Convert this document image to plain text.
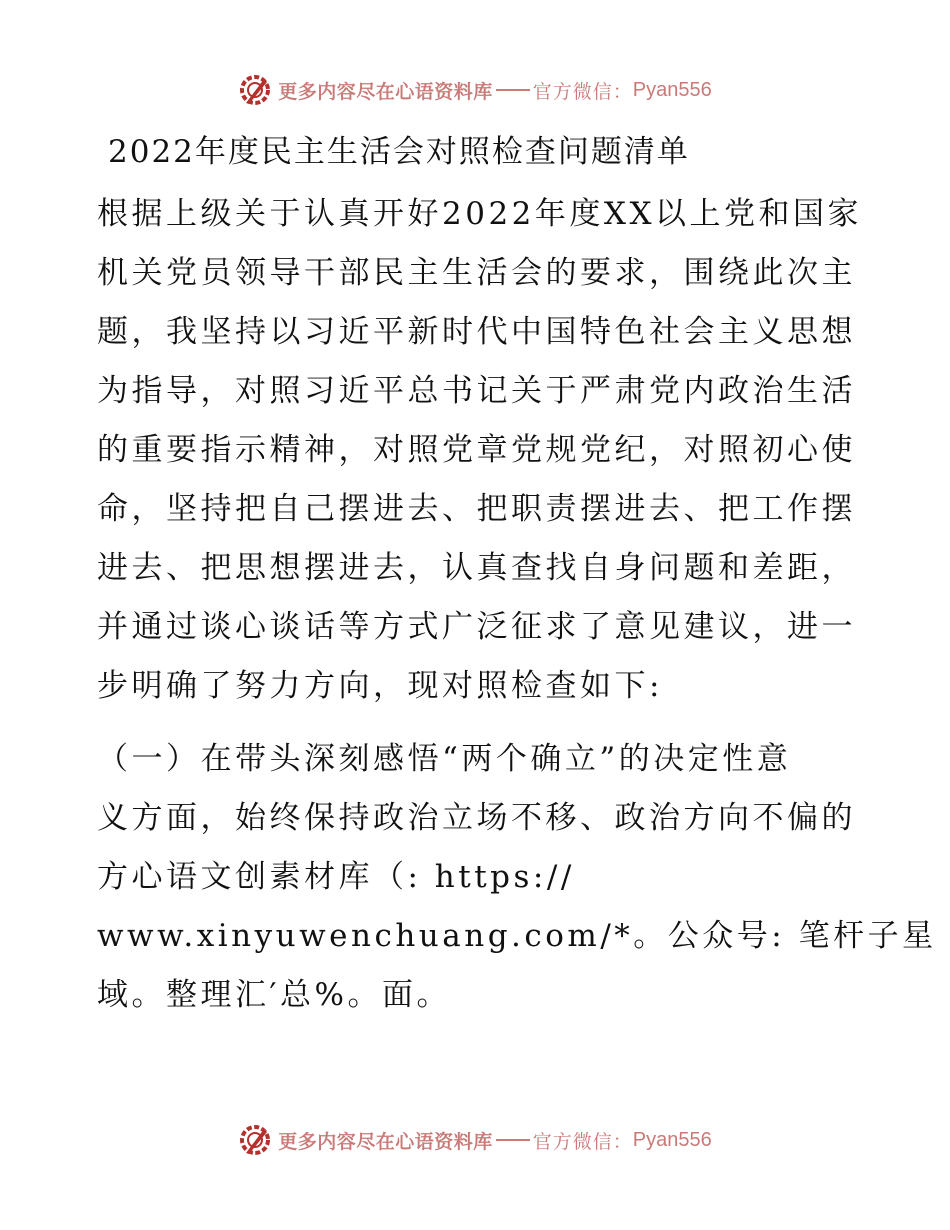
更多内容尽在心语资料库 官方微信： Pyan556
2022年度民主生活会对照检查问题清单
根据上级关于认真开好2022年度XX以上党和国家
机关党员领导干部民主生活会的要求，围绕此次主
题，我坚持以习近平新时代中国特色社会主义思想
为指导，对照习近平总书记关于严肃党内政治生活
的重要指示精神，对照党章党规党纪，对照初心使
命，坚持把自己摆进去、把职责摆进去、把工作摆
进去、把思想摆进去，认真查找自身问题和差距，
并通过谈心谈话等方式广泛征求了意见建议，进一
步明确了努力方向，现对照检查如下:
（一）在带头深刻感悟“两个确立”的决定性意
义方面，始终保持政治立场不移、政治方向不偏的
方心语文创素材库（: https://
www.xinyuwenchuang.com/*。公众号: 笔杆子星
域。整理汇′总%。面。
更多内容尽在心语资料库 官方微信： Pyan556
